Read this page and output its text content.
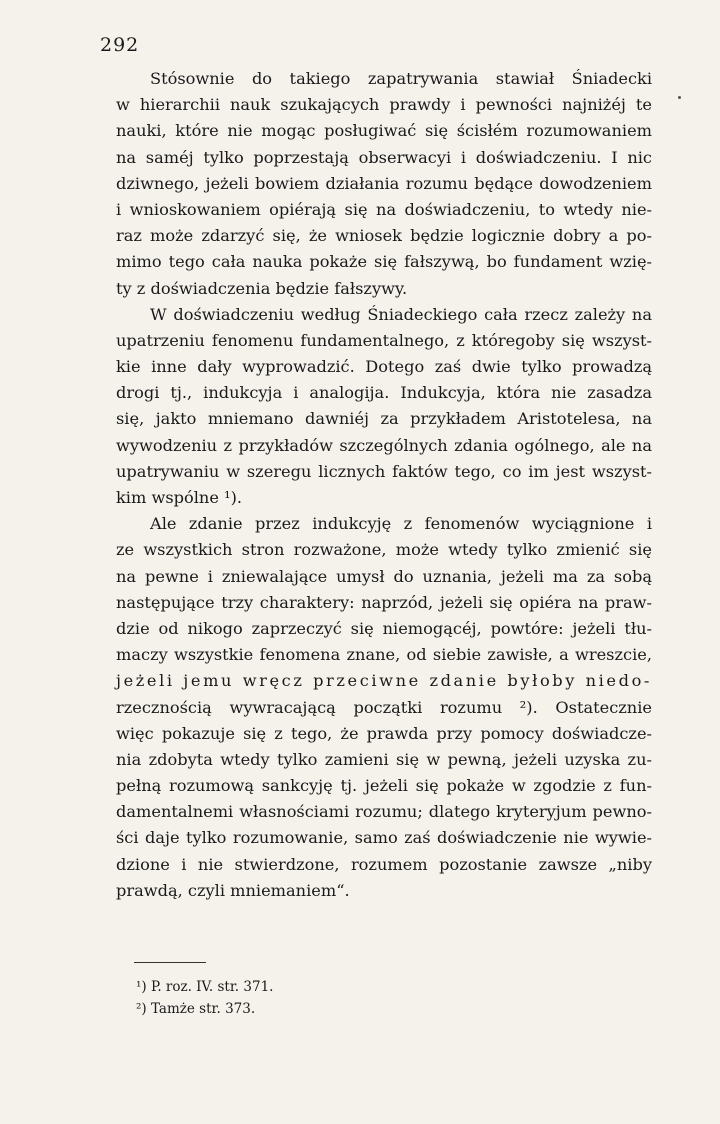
292
Stósownie do takiego zapatrywania stawiał Śniadecki
w hierarchii nauk szukających prawdy i pewności najniżéj te
nauki, które nie mogąc posługiwać się ścisłém rozumowaniem
na saméj tylko poprzestają obserwacyi i doświadczeniu. I nic
dziwnego, jeżeli bowiem działania rozumu będące dowodzeniem
i wnioskowaniem opiérają się na doświadczeniu, to wtedy nie-
raz może zdarzyć się, że wniosek będzie logicznie dobry a po-
mimo tego cała nauka pokaże się fałszywą, bo fundament wzię-
ty z doświadczenia będzie fałszywy.
W doświadczeniu według Śniadeckiego cała rzecz zależy na
upatrzeniu fenomenu fundamentalnego, z któregoby się wszyst-
kie inne dały wyprowadzić. Dotego zaś dwie tylko prowadzą
drogi tj., indukcyja i analogija. Indukcyja, która nie zasadza
się, jakto mniemano dawniéj za przykładem Aristotelesa, na
wywodzeniu z przykładów szczególnych zdania ogólnego, ale na
upatrywaniu w szeregu licznych faktów tego, co im jest wszyst-
kim wspólne ¹).
Ale zdanie przez indukcyję z fenomenów wyciągnione i
ze wszystkich stron rozważone, może wtedy tylko zmienić się
na pewne i zniewalające umysł do uznania, jeżeli ma za sobą
następujące trzy charaktery: naprzód, jeżeli się opiéra na praw-
dzie od nikogo zaprzeczyć się niemogącéj, powtóre: jeżeli tłu-
maczy wszystkie fenomena znane, od siebie zawisłe, a wreszcie,
jeżeli jemu wręcz przeciwne zdanie byłoby niedo-
rzecznością wywracającą początki rozumu ²). Ostatecznie
więc pokazuje się z tego, że prawda przy pomocy doświadcze-
nia zdobyta wtedy tylko zamieni się w pewną, jeżeli uzyska zu-
pełną rozumową sankcyję tj. jeżeli się pokaże w zgodzie z fun-
damentalnemi własnościami rozumu; dlatego kryteryjum pewno-
ści daje tylko rozumowanie, samo zaś doświadczenie nie wywie-
dzione i nie stwierdzone, rozumem pozostanie zawsze „niby
prawdą, czyli mniemaniem“.
¹) P. roz. IV. str. 371.
²) Tamże str. 373.
